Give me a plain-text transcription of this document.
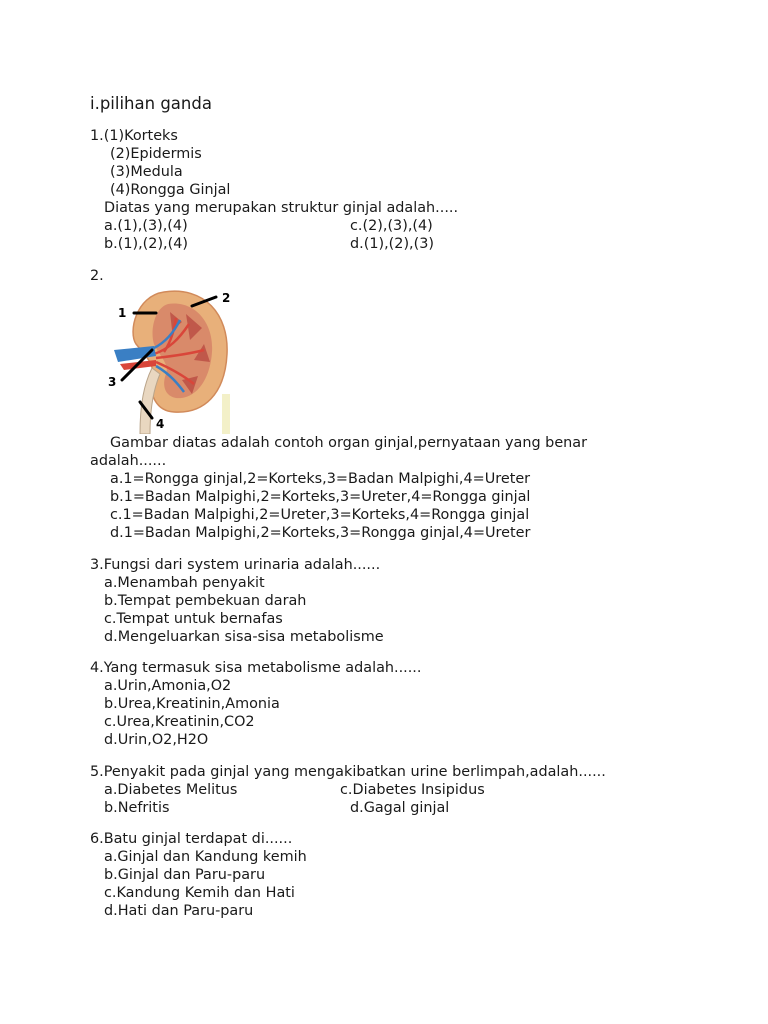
i.pilihan ganda
1.(1)Korteks
(2)Epidermis
(3)Medula
(4)Rongga Ginjal
Diatas yang merupakan struktur ginjal adalah.....
a.(1),(3),(4)	c.(2),(3),(4)
b.(1),(2),(4)	d.(1),(2),(3)
2.
1
2
3
4
Gambar diatas adalah contoh organ ginjal,pernyataan yang benar
adalah......
a.1=Rongga ginjal,2=Korteks,3=Badan Malpighi,4=Ureter
b.1=Badan Malpighi,2=Korteks,3=Ureter,4=Rongga ginjal
c.1=Badan Malpighi,2=Ureter,3=Korteks,4=Rongga ginjal
d.1=Badan Malpighi,2=Korteks,3=Rongga ginjal,4=Ureter
3.Fungsi dari system urinaria adalah......
a.Menambah penyakit
b.Tempat pembekuan darah
c.Tempat untuk bernafas
d.Mengeluarkan sisa-sisa metabolisme
4.Yang termasuk sisa metabolisme adalah......
a.Urin,Amonia,O2
b.Urea,Kreatinin,Amonia
c.Urea,Kreatinin,CO2
d.Urin,O2,H2O
5.Penyakit pada ginjal yang mengakibatkan urine berlimpah,adalah......
a.Diabetes Melitus	c.Diabetes Insipidus
b.Nefritis	d.Gagal ginjal
6.Batu ginjal terdapat di......
a.Ginjal dan Kandung kemih
b.Ginjal dan Paru-paru
c.Kandung Kemih dan Hati
d.Hati dan Paru-paru
